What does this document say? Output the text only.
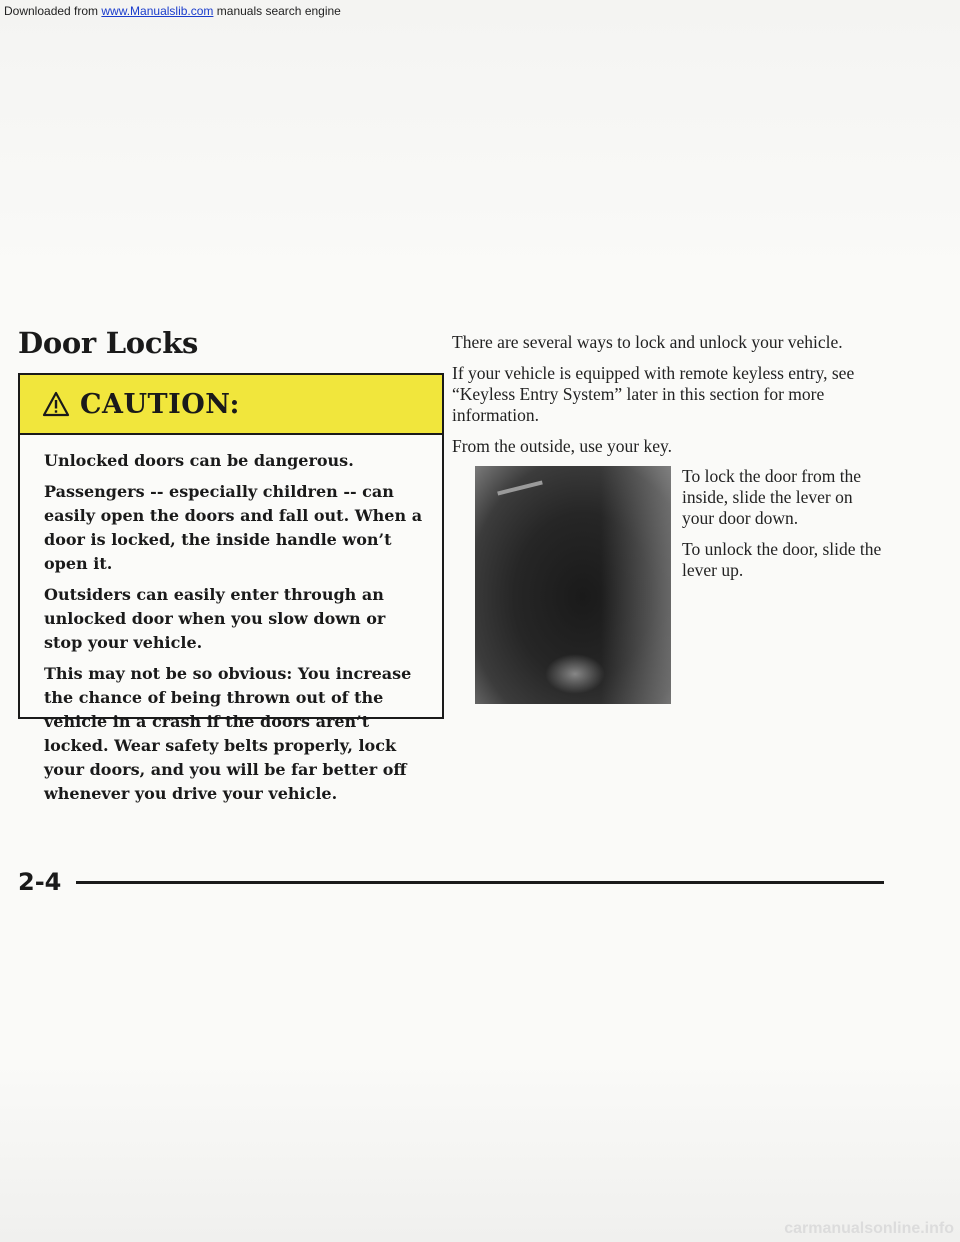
Downloaded from www.Manualslib.com manuals search engine
Door Locks
CAUTION:

Unlocked doors can be dangerous.

Passengers -- especially children -- can easily open the doors and fall out. When a door is locked, the inside handle won’t open it.

Outsiders can easily enter through an unlocked door when you slow down or stop your vehicle.

This may not be so obvious: You increase the chance of being thrown out of the vehicle in a crash if the doors aren’t locked. Wear safety belts properly, lock your doors, and you will be far better off whenever you drive your vehicle.

There are several ways to lock and unlock your vehicle.

If your vehicle is equipped with remote keyless entry, see “Keyless Entry System” later in this section for more information.

From the outside, use your key.

To lock the door from the inside, slide the lever on your door down.

To unlock the door, slide the lever up.

2-4
carmanualsonline.info
